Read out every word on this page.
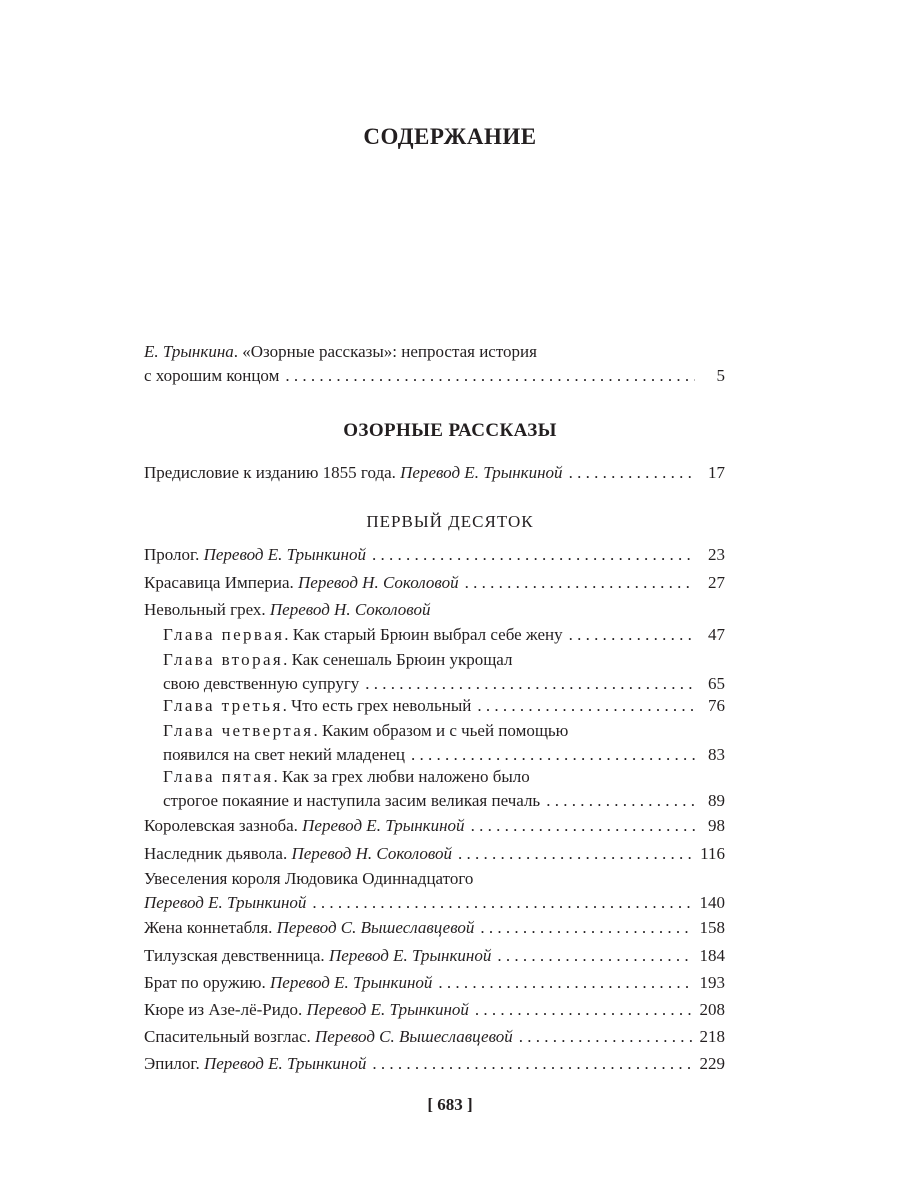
СОДЕРЖАНИЕ
Е. Трынкина. «Озорные рассказы»: непростая история
с хорошим концом . . .	5
ОЗОРНЫЕ РАССКАЗЫ
Предисловие к изданию 1855 года. Перевод Е. Трынкиной . . .	17
ПЕРВЫЙ ДЕСЯТОК
Пролог. Перевод Е. Трынкиной . . .	23
Красавица Империа. Перевод Н. Соколовой . . .	27
Невольный грех. Перевод Н. Соколовой
Глава первая. Как старый Брюин выбрал себе жену . . .	47
Глава вторая. Как сенешаль Брюин укрощал
свою девственную супругу . . .	65
Глава третья. Что есть грех невольный . . .	76
Глава четвертая. Каким образом и с чьей помощью
появился на свет некий младенец . . .	83
Глава пятая. Как за грех любви наложено было
строгое покаяние и наступила засим великая печаль . . .	89
Королевская зазноба. Перевод Е. Трынкиной . . .	98
Наследник дьявола. Перевод Н. Соколовой . . .	116
Увеселения короля Людовика Одиннадцатого
Перевод Е. Трынкиной . . .	140
Жена коннетабля. Перевод С. Вышеславцевой . . .	158
Тилузская девственница. Перевод Е. Трынкиной . . .	184
Брат по оружию. Перевод Е. Трынкиной . . .	193
Кюре из Азе-лё-Ридо. Перевод Е. Трынкиной . . .	208
Спасительный возглас. Перевод С. Вышеславцевой . . .	218
Эпилог. Перевод Е. Трынкиной . . .	229
[ 683 ]
